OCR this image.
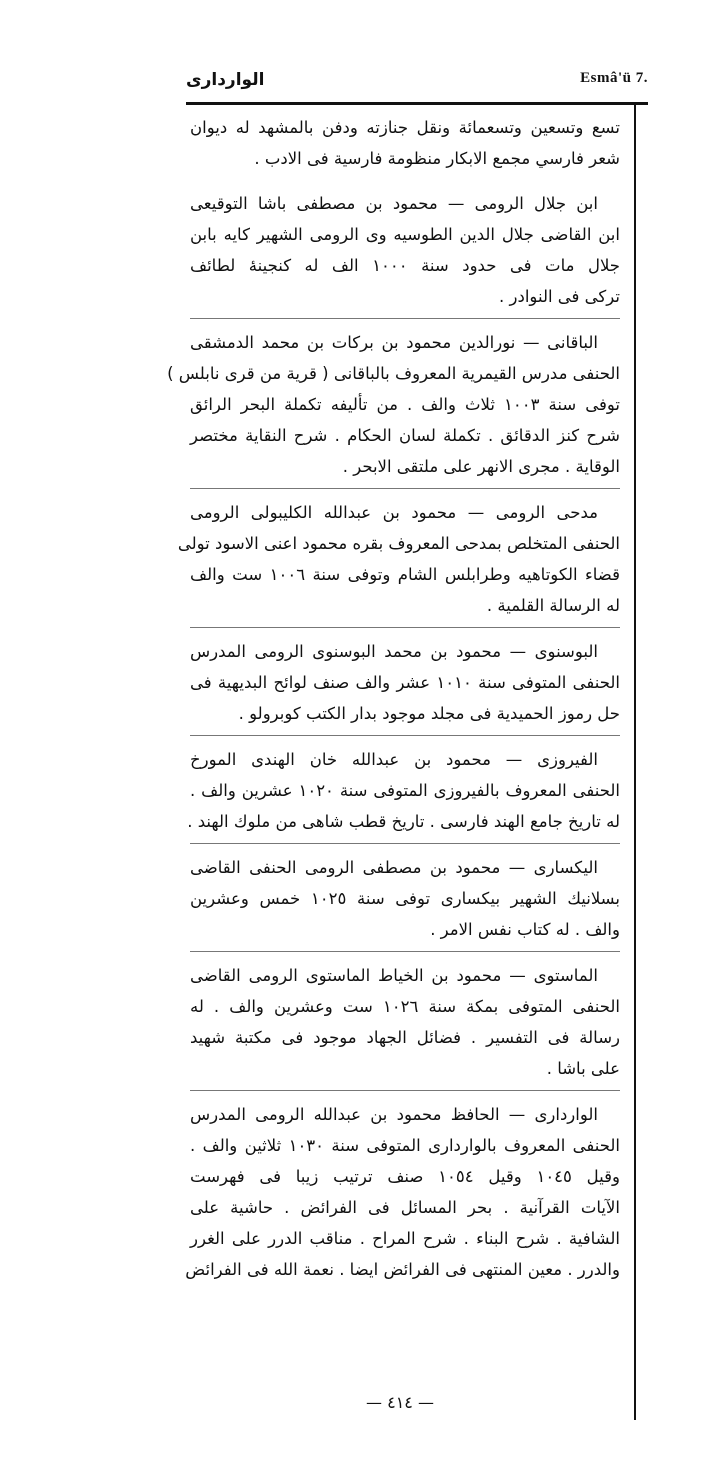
الواردارى	Esmâ'ü 7.
تسع وتسعين وتسعمائة ونقل جنازته ودفن بالمشهد له ديوان
شعر فارسي مجمع الابكار منظومة فارسية فى الادب .
ابن جلال الرومى — محمود بن مصطفى باشا التوقيعى
ابن القاضى جلال الدين الطوسيه وى الرومى الشهير كايه بابن
جلال مات فى حدود سنة ١٠٠٠ الف له كنجينهٔ لطائف
تركى فى النوادر .
الباقانى — نورالدين محمود بن بركات بن محمد الدمشقى
الحنفى مدرس القيمرية المعروف بالباقانى ( قرية من قرى نابلس )
توفى سنة ١٠٠٣ ثلاث والف . من تأليفه تكملة البحر الرائق
شرح كنز الدقائق . تكملة لسان الحكام . شرح النقاية مختصر
الوقاية . مجرى الانهر على ملتقى الابحر .
مدحى الرومى — محمود بن عبدالله الكليبولى الرومى
الحنفى المتخلص بمدحى المعروف بقره محمود اعنى الاسود تولى
قضاء الكوتاهيه وطرابلس الشام وتوفى سنة ١٠٠٦ ست والف
له الرسالة القلمية .
البوسنوى — محمود بن محمد البوسنوى الرومى المدرس
الحنفى المتوفى سنة ١٠١٠ عشر والف صنف لوائح البديهية فى
حل رموز الحميدية فى مجلد موجود بدار الكتب كوبرولو .
الفيروزى — محمود بن عبدالله خان الهندى المورخ
الحنفى المعروف بالفيروزى المتوفى سنة ١٠٢٠ عشرين والف .
له تاريخ جامع الهند فارسى . تاريخ قطب شاهى من ملوك الهند .
اليكسارى — محمود بن مصطفى الرومى الحنفى القاضى
بسلانيك الشهير بيكسارى توفى سنة ١٠٢٥ خمس وعشرين
والف . له كتاب نفس الامر .
الماستوى — محمود بن الخياط الماستوى الرومى القاضى
الحنفى المتوفى بمكة سنة ١٠٢٦ ست وعشرين والف . له
رسالة فى التفسير . فضائل الجهاد موجود فى مكتبة شهيد
على باشا .
الواردارى — الحافظ محمود بن عبدالله الرومى المدرس
الحنفى المعروف بالواردارى المتوفى سنة ١٠٣٠ ثلاثين والف .
وقيل ١٠٤٥ وقيل ١٠٥٤ صنف ترتيب زيبا فى فهرست
الآيات القرآنية . بحر المسائل فى الفرائض . حاشية على
الشافية . شرح البناء . شرح المراح . مناقب الدرر على الغرر
والدرر . معين المنتهى فى الفرائض ايضا . نعمة الله فى الفرائض
— ٤١٤ —
